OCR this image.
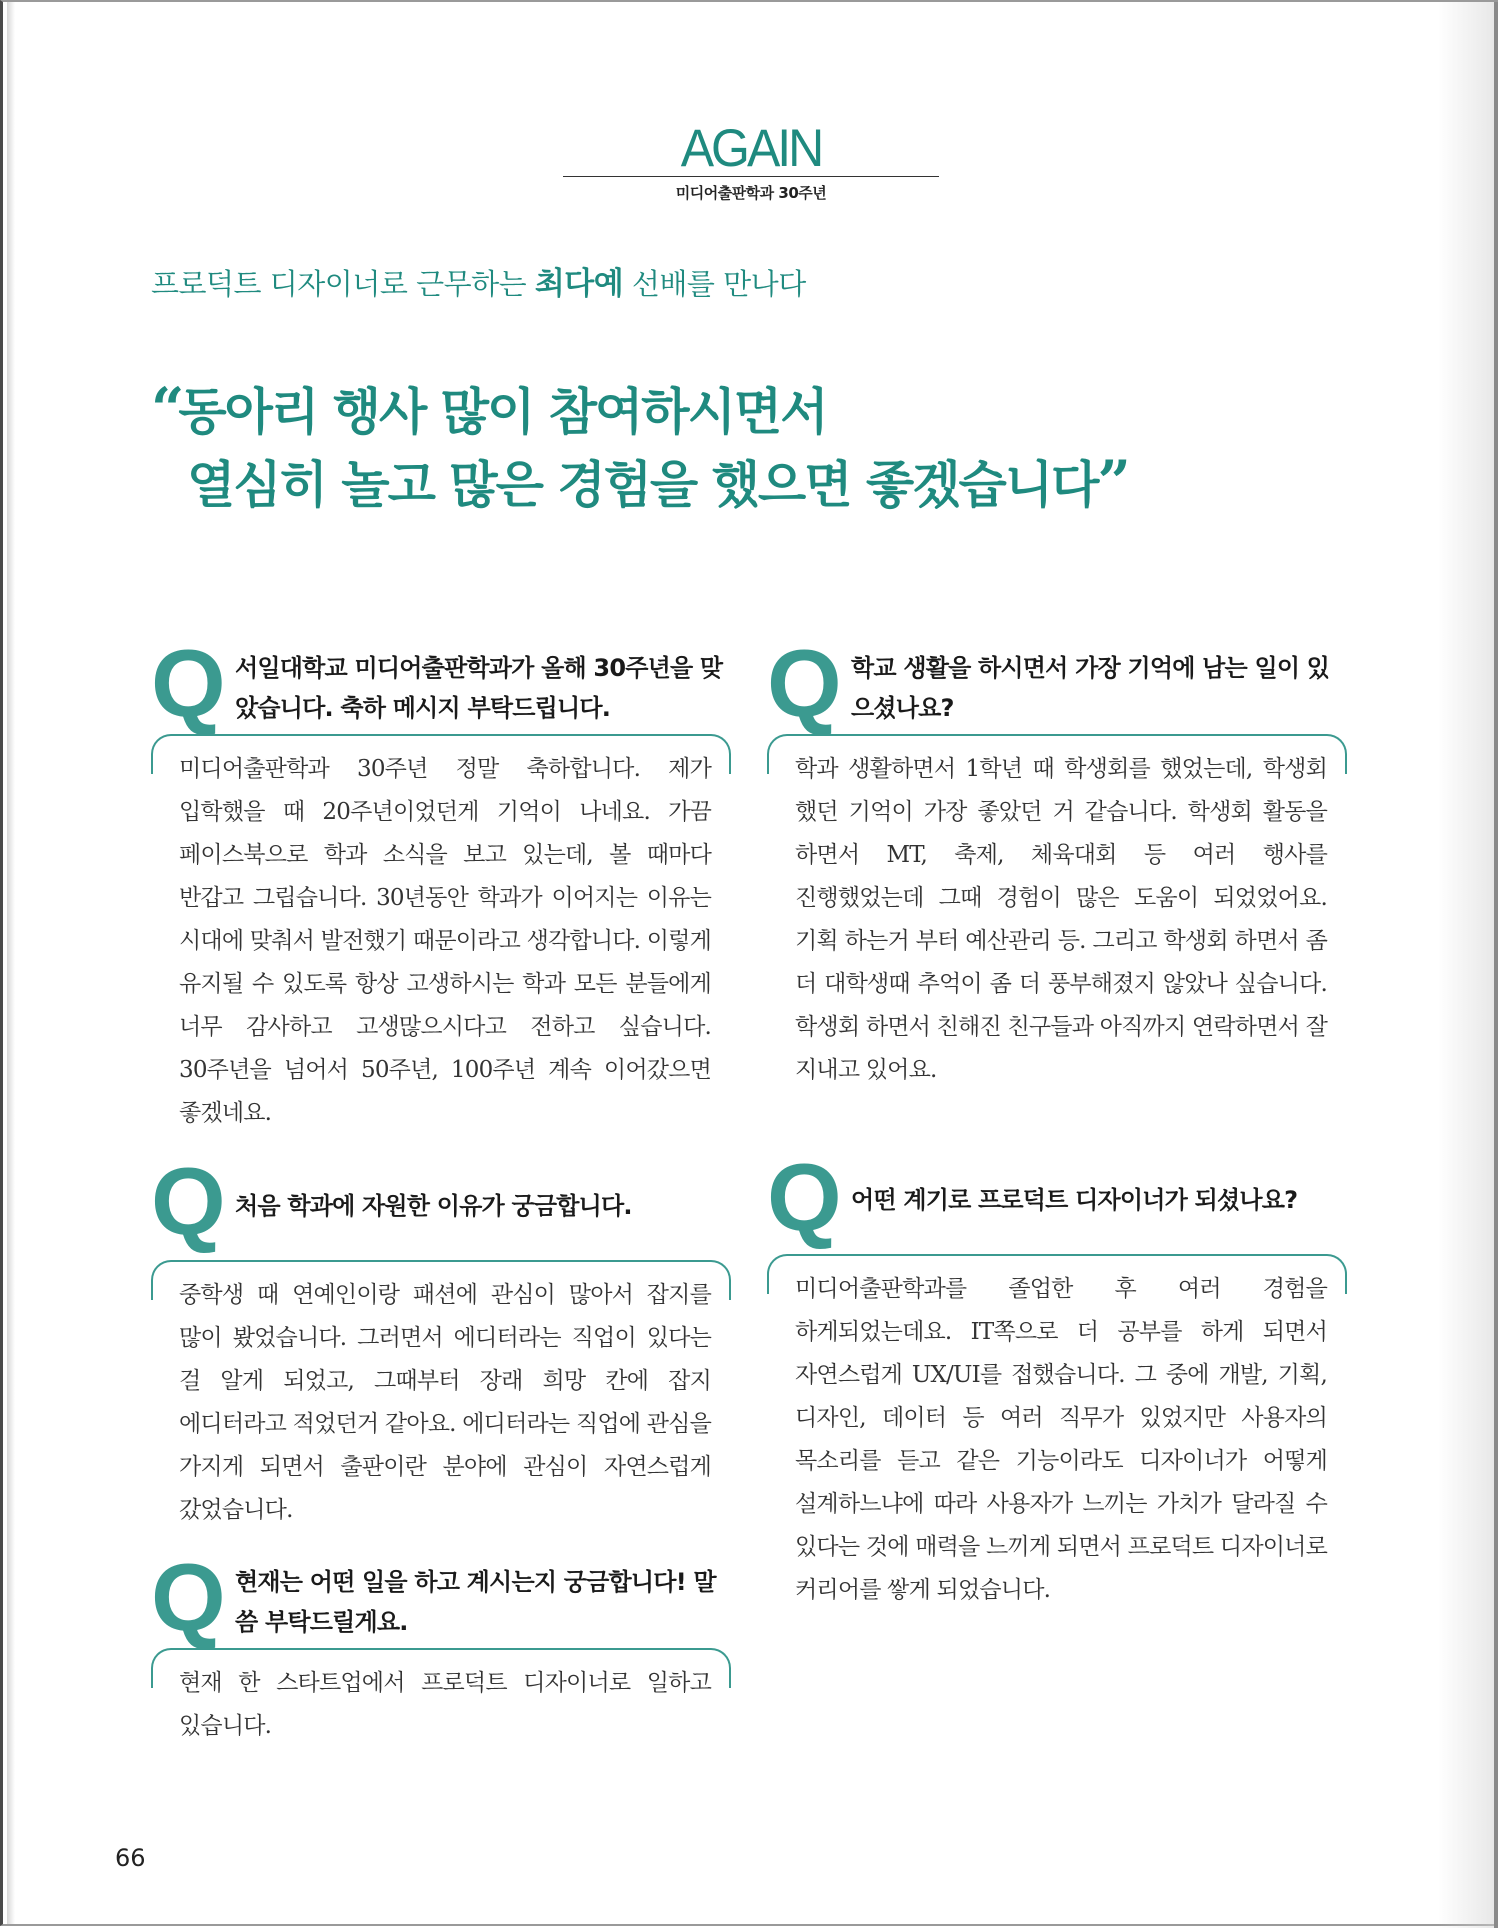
AGAIN
미디어출판학과 30주년
프로덕트 디자이너로 근무하는 최다예 선배를 만나다
“동아리 행사 많이 참여하시면서
열심히 놀고 많은 경험을 했으면 좋겠습니다”
Q 서일대학교 미디어출판학과가 올해 30주년을 맞았습니다. 축하 메시지 부탁드립니다.
미디어출판학과 30주년 정말 축하합니다. 제가 입학했을 때 20주년이었던게 기억이 나네요. 가끔 페이스북으로 학과 소식을 보고 있는데, 볼 때마다 반갑고 그립습니다. 30년동안 학과가 이어지는 이유는 시대에 맞춰서 발전했기 때문이라고 생각합니다. 이렇게 유지될 수 있도록 항상 고생하시는 학과 모든 분들에게 너무 감사하고 고생많으시다고 전하고 싶습니다. 30주년을 넘어서 50주년, 100주년 계속 이어갔으면 좋겠네요.
Q 처음 학과에 자원한 이유가 궁금합니다.
중학생 때 연예인이랑 패션에 관심이 많아서 잡지를 많이 봤었습니다. 그러면서 에디터라는 직업이 있다는 걸 알게 되었고, 그때부터 장래 희망 칸에 잡지 에디터라고 적었던거 같아요. 에디터라는 직업에 관심을 가지게 되면서 출판이란 분야에 관심이 자연스럽게 갔었습니다.
Q 현재는 어떤 일을 하고 계시는지 궁금합니다! 말씀 부탁드릴게요.
현재 한 스타트업에서 프로덕트 디자이너로 일하고 있습니다.
Q 학교 생활을 하시면서 가장 기억에 남는 일이 있으셨나요?
학과 생활하면서 1학년 때 학생회를 했었는데, 학생회 했던 기억이 가장 좋았던 거 같습니다. 학생회 활동을 하면서 MT, 축제, 체육대회 등 여러 행사를 진행했었는데 그때 경험이 많은 도움이 되었었어요. 기획 하는거 부터 예산관리 등. 그리고 학생회 하면서 좀 더 대학생때 추억이 좀 더 풍부해졌지 않았나 싶습니다. 학생회 하면서 친해진 친구들과 아직까지 연락하면서 잘 지내고 있어요.
Q 어떤 계기로 프로덕트 디자이너가 되셨나요?
미디어출판학과를 졸업한 후 여러 경험을 하게되었는데요. IT쪽으로 더 공부를 하게 되면서 자연스럽게 UX/UI를 접했습니다. 그 중에 개발, 기획, 디자인, 데이터 등 여러 직무가 있었지만 사용자의 목소리를 듣고 같은 기능이라도 디자이너가 어떻게 설계하느냐에 따라 사용자가 느끼는 가치가 달라질 수 있다는 것에 매력을 느끼게 되면서 프로덕트 디자이너로 커리어를 쌓게 되었습니다.
66
